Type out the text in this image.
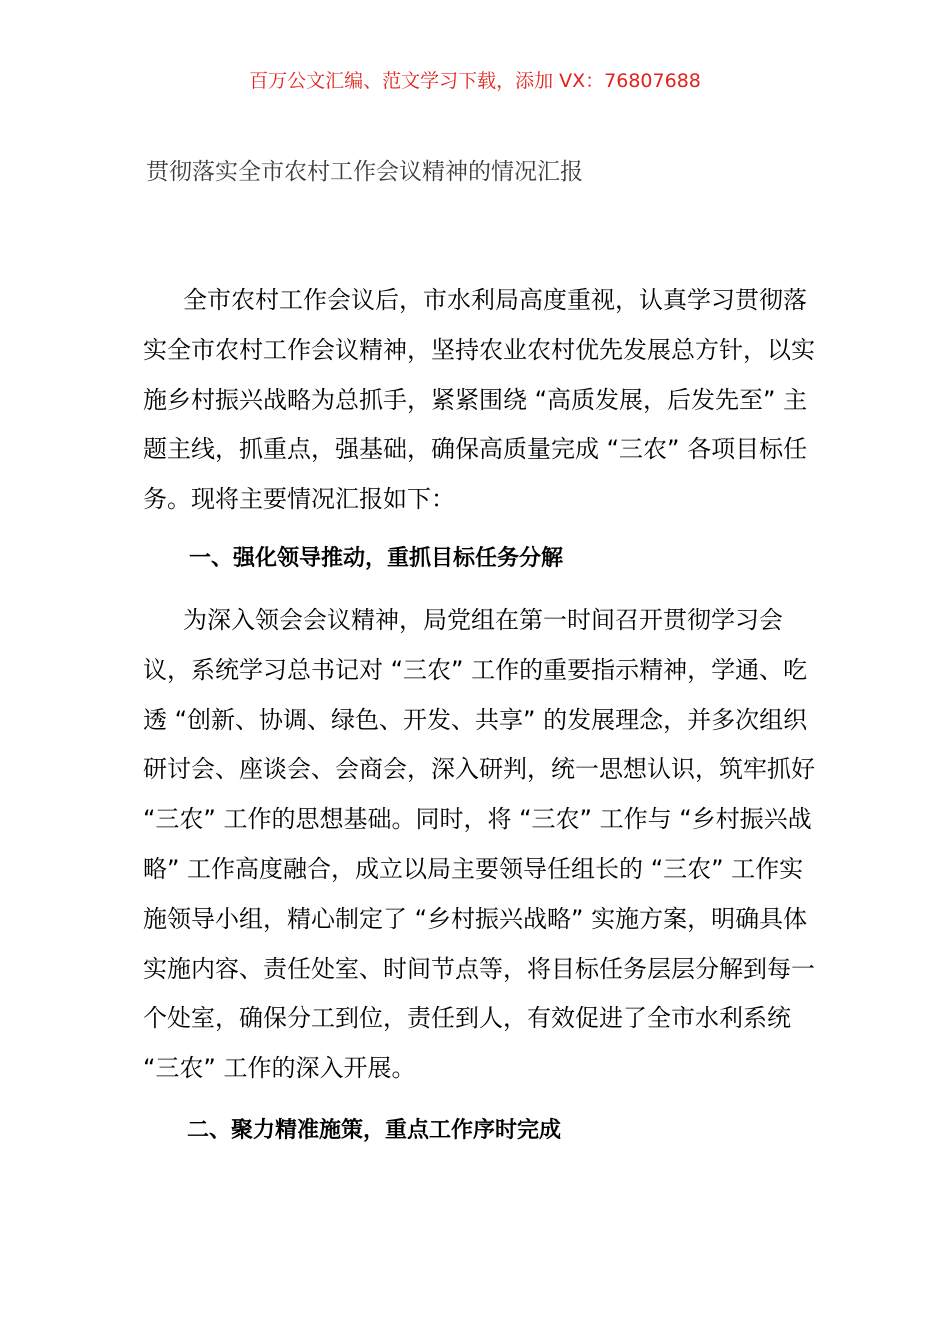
百万公文汇编、范文学习下载，添加 VX：76807688
贯彻落实全市农村工作会议精神的情况汇报

全市农村工作会议后，市水利局高度重视，认真学习贯彻落实全市农村工作会议精神，坚持农业农村优先发展总方针，以实施乡村振兴战略为总抓手，紧紧围绕 “高质发展，后发先至” 主题主线，抓重点，强基础，确保高质量完成 “三农” 各项目标任务。现将主要情况汇报如下：

一、强化领导推动，重抓目标任务分解

为深入领会会议精神，局党组在第一时间召开贯彻学习会议，系统学习总书记对 “三农” 工作的重要指示精神，学通、吃透 “创新、协调、绿色、开发、共享” 的发展理念，并多次组织研讨会、座谈会、会商会，深入研判，统一思想认识，筑牢抓好 “三农” 工作的思想基础。同时，将 “三农” 工作与 “乡村振兴战略” 工作高度融合，成立以局主要领导任组长的 “三农” 工作实施领导小组，精心制定了 “乡村振兴战略” 实施方案，明确具体实施内容、责任处室、时间节点等，将目标任务层层分解到每一个处室，确保分工到位，责任到人，有效促进了全市水利系统 “三农” 工作的深入开展。

二、聚力精准施策，重点工作序时完成
